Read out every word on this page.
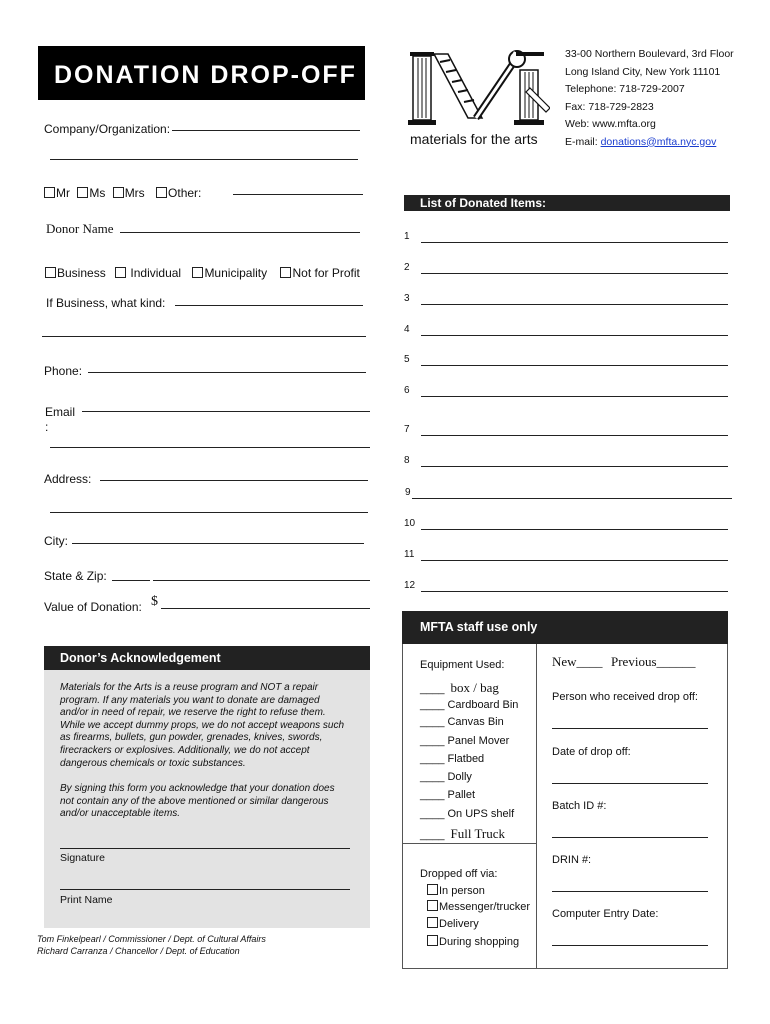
DONATION DROP-OFF
materials for the arts
33-00 Northern Boulevard, 3rd Floor
Long Island City, New York 11101
Telephone: 718-729-2007
Fax: 718-729-2823
Web: www.mfta.org
E-mail: donations@mfta.nyc.gov
Company/Organization:
Mr Ms Mrs Other:
Donor Name
Business Individual Municipality Not for Profit
If Business, what kind:
Phone:
Email
:
Address:
City:
State & Zip:
Value of Donation: $
Donor’s Acknowledgement
Materials for the Arts is a reuse program and NOT a repair
program. If any materials you want to donate are damaged
and/or in need of repair, we reserve the right to refuse them.
While we accept dummy props, we do not accept weapons such
as firearms, bullets, gun powder, grenades, knives, swords,
firecrackers or explosives. Additionally, we do not accept
dangerous chemicals or toxic substances.
By signing this form you acknowledge that your donation does
not contain any of the above mentioned or similar dangerous
and/or unacceptable items.
Signature
Print Name
Tom Finkelpearl / Commissioner / Dept. of Cultural Affairs
Richard Carranza / Chancellor / Dept. of Education
List of Donated Items:
1
2
3
4
5
6
7
8
9
10
11
12
MFTA staff use only
Equipment Used:	New____ Previous______
____ box / bag
____ Cardboard Bin
____ Canvas Bin
____ Panel Mover
____ Flatbed
____ Dolly
____ Pallet
____ On UPS shelf
____ Full Truck
Dropped off via:
In person
Messenger/trucker
Delivery
During shopping
Person who received drop off:
Date of drop off:
Batch ID #:
DRIN #:
Computer Entry Date:
